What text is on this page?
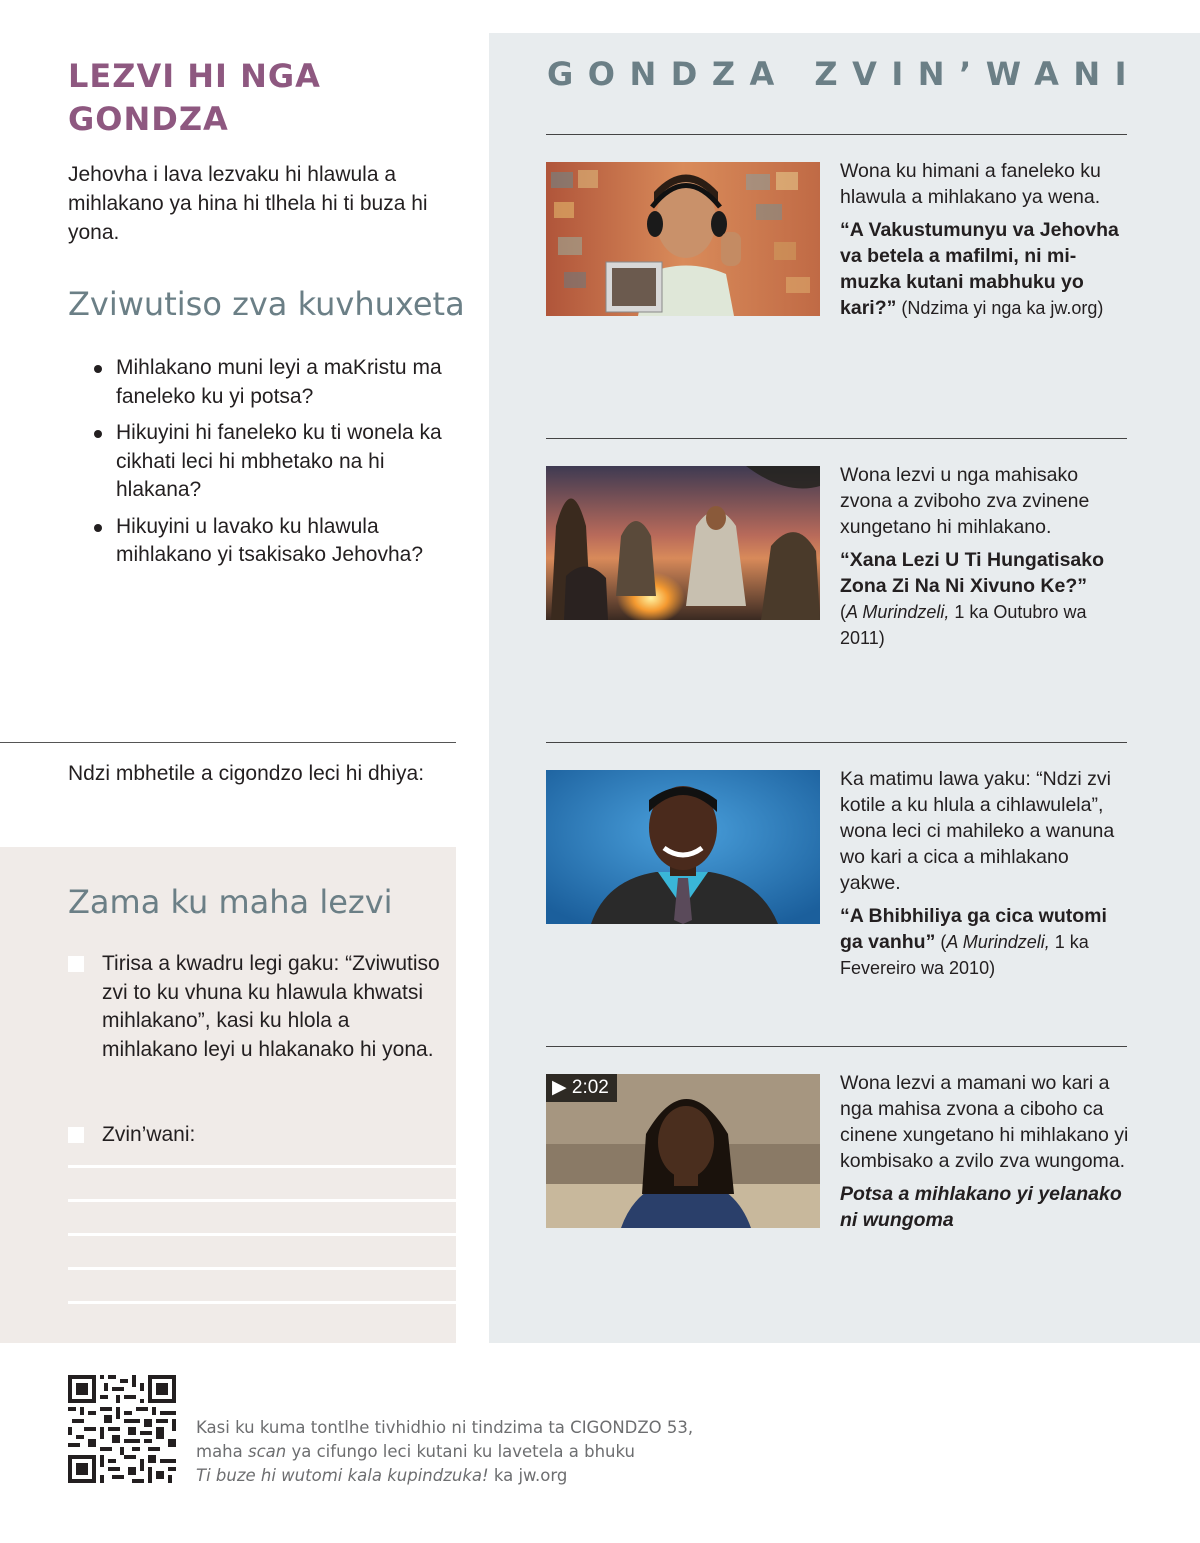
LEZVI HI NGA GONDZA

Jehovha i lava lezvaku hi hlawula a mihlakano ya hina hi tlhela hi ti buza hi yona.

Zviwutiso zva kuvhuxeta
Mihlakano muni leyi a maKristu ma faneleko ku yi potsa?
Hikuyini hi faneleko ku ti wonela ka cikhati leci hi mbhetako na hi hlakana?
Hikuyini u lavako ku hlawula mihlakano yi tsakisako Jehovha?

Ndzi mbhetile a cigondzo leci hi dhiya:

Zama ku maha lezvi
Tirisa a kwadru legi gaku: “Zviwutiso zvi to ku vhuna ku hlawula khwatsi mihlakano”, kasi ku hlola a mihlakano leyi u hlakanako hi yona.
Zvin’wani:
GONDZA ZVIN’WANI

Wona ku himani a faneleko ku hlawula a mihlakano ya wena.

“A Vakustumunyu va Jehovha va betela a mafilmi, ni mimuzka kutani mabhuku yo kari?” (Ndzima yi nga ka jw.org)

Wona lezvi u nga mahisako zvona a zviboho zva zvinene xungetano hi mihlakano.

“Xana Lezi U Ti Hungatisako Zona Zi Na Ni Xivuno Ke?”
(A Murindzeli, 1 ka Outubro wa 2011)

Ka matimu lawa yaku: “Ndzi zvi kotile a ku hlula a cihlawulela”, wona leci ci mahileko a wanuna wo kari a cica a mihlakano yakwe.

“A Bhibhiliya ga cica wutomi ga vanhu” (A Murindzeli, 1 ka Fevereiro wa 2010)

▶ 2:02	Wona lezvi a mamani wo kari a nga mahisa zvona a ciboho ca cinene xungetano hi mihlakano yi kombisako a zvilo zva wungoma.

Potsa a mihlakano yi yelanako ni wungoma

Kasi ku kuma tontlhe tivhidhio ni tindzima ta CIGONDZO 53,
maha scan ya cifungo leci kutani ku lavetela a bhuku
Ti buze hi wutomi kala kupindzuka! ka jw.org
